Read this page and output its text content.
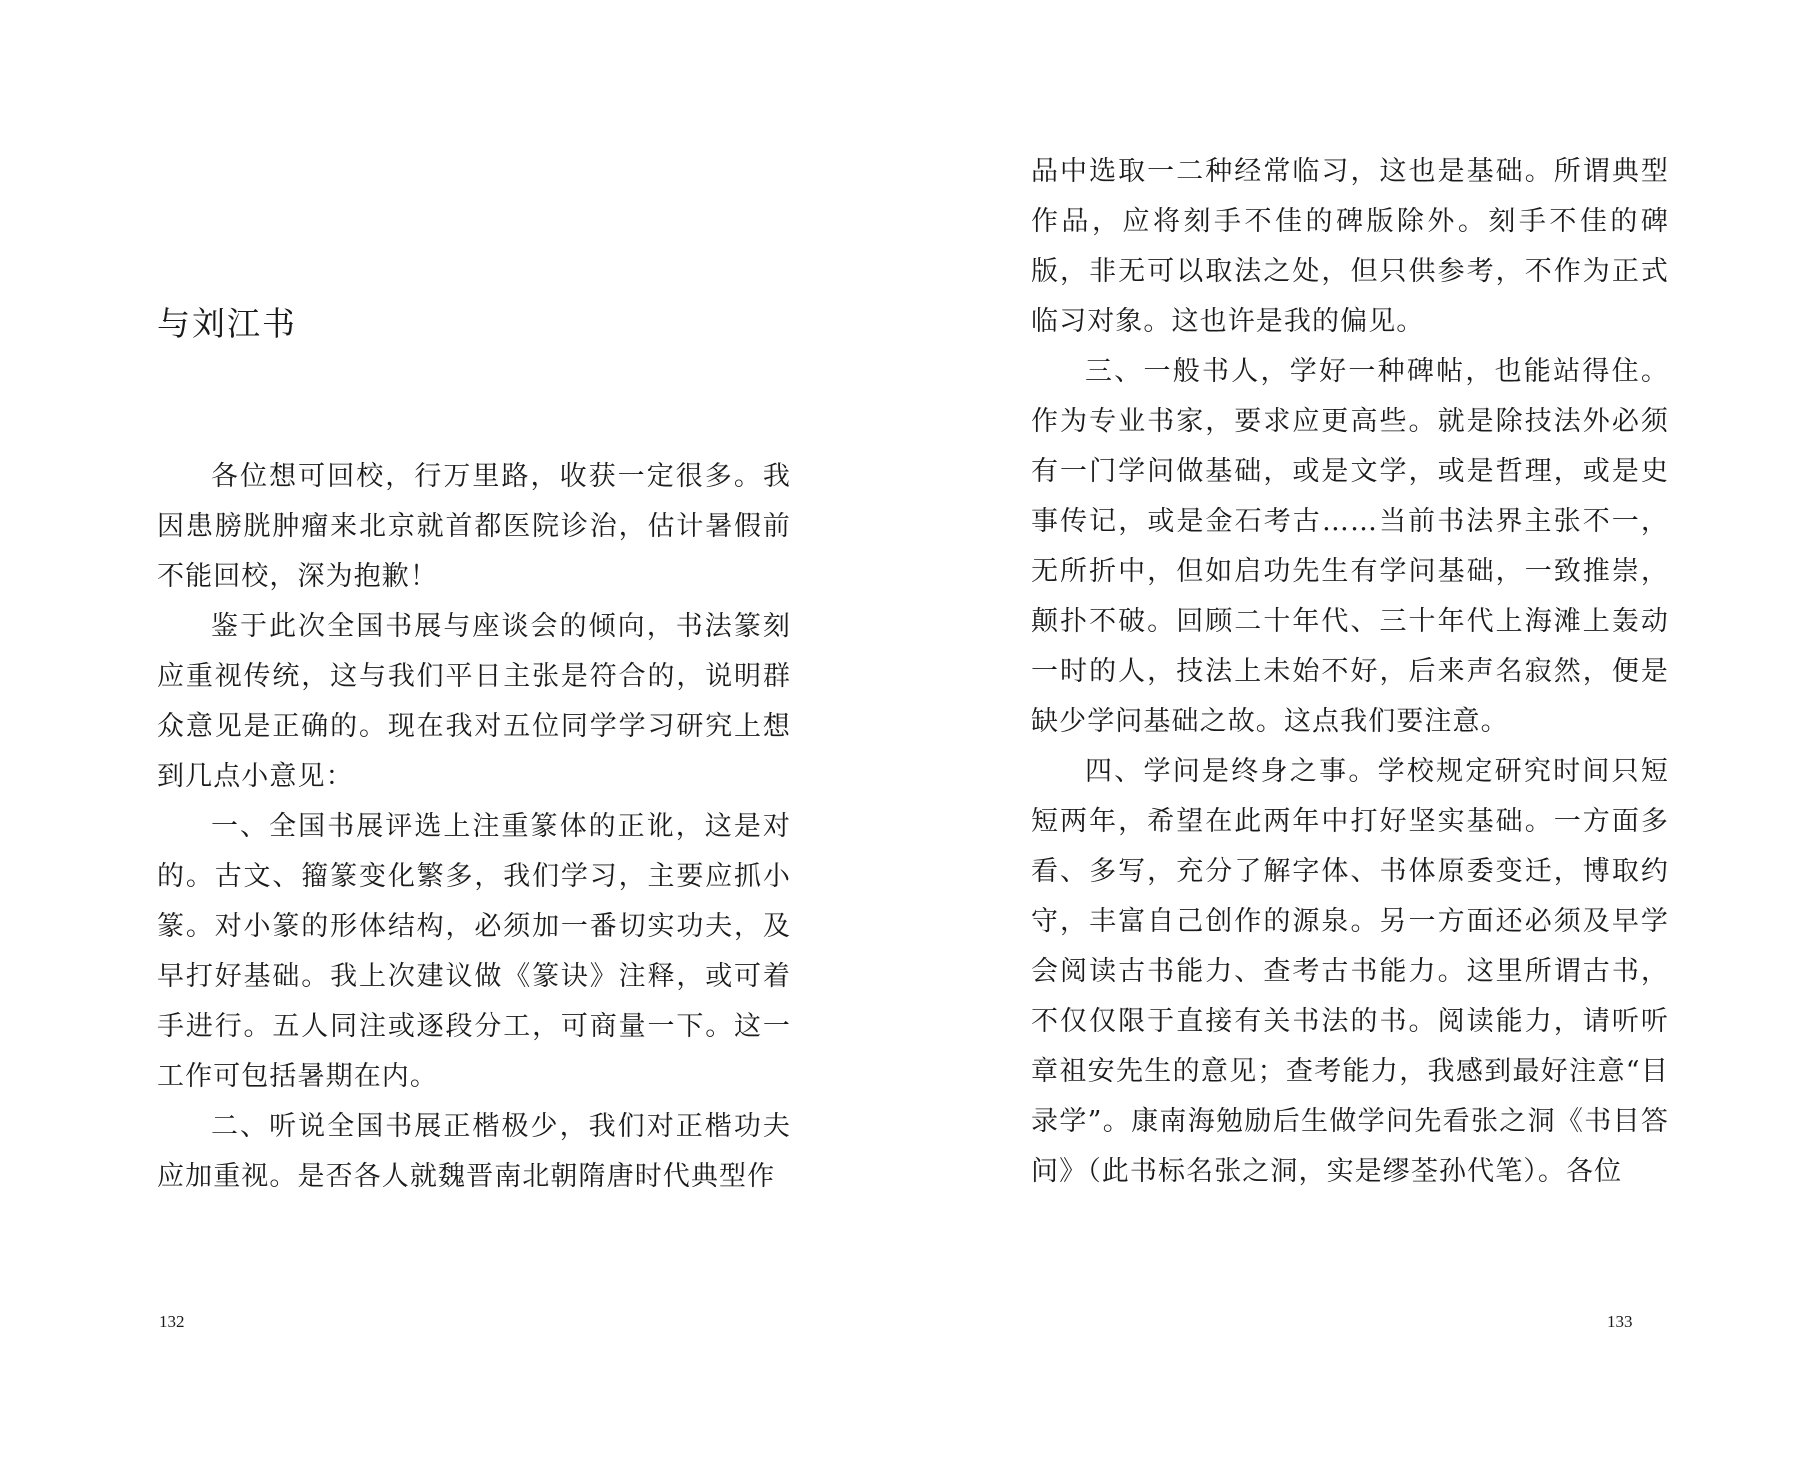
与刘江书

各位想可回校，行万里路，收获一定很多。我因患膀胱肿瘤来北京就首都医院诊治，估计暑假前不能回校，深为抱歉！

鉴于此次全国书展与座谈会的倾向，书法篆刻应重视传统，这与我们平日主张是符合的，说明群众意见是正确的。现在我对五位同学学习研究上想到几点小意见：

一、全国书展评选上注重篆体的正讹，这是对的。古文、籀篆变化繁多，我们学习，主要应抓小篆。对小篆的形体结构，必须加一番切实功夫，及早打好基础。我上次建议做《篆诀》注释，或可着手进行。五人同注或逐段分工，可商量一下。这一工作可包括暑期在内。

二、听说全国书展正楷极少，我们对正楷功夫应加重视。是否各人就魏晋南北朝隋唐时代典型作

132

品中选取一二种经常临习，这也是基础。所谓典型作品，应将刻手不佳的碑版除外。刻手不佳的碑版，非无可以取法之处，但只供参考，不作为正式临习对象。这也许是我的偏见。

三、一般书人，学好一种碑帖，也能站得住。作为专业书家，要求应更高些。就是除技法外必须有一门学问做基础，或是文学，或是哲理，或是史事传记，或是金石考古……当前书法界主张不一，无所折中，但如启功先生有学问基础，一致推崇，颠扑不破。回顾二十年代、三十年代上海滩上轰动一时的人，技法上未始不好，后来声名寂然，便是缺少学问基础之故。这点我们要注意。

四、学问是终身之事。学校规定研究时间只短短两年，希望在此两年中打好坚实基础。一方面多看、多写，充分了解字体、书体原委变迁，博取约守，丰富自己创作的源泉。另一方面还必须及早学会阅读古书能力、查考古书能力。这里所谓古书，不仅仅限于直接有关书法的书。阅读能力，请听听章祖安先生的意见；查考能力，我感到最好注意“目录学”。康南海勉励后生做学问先看张之洞《书目答问》（此书标名张之洞，实是缪荃孙代笔）。各位

133
